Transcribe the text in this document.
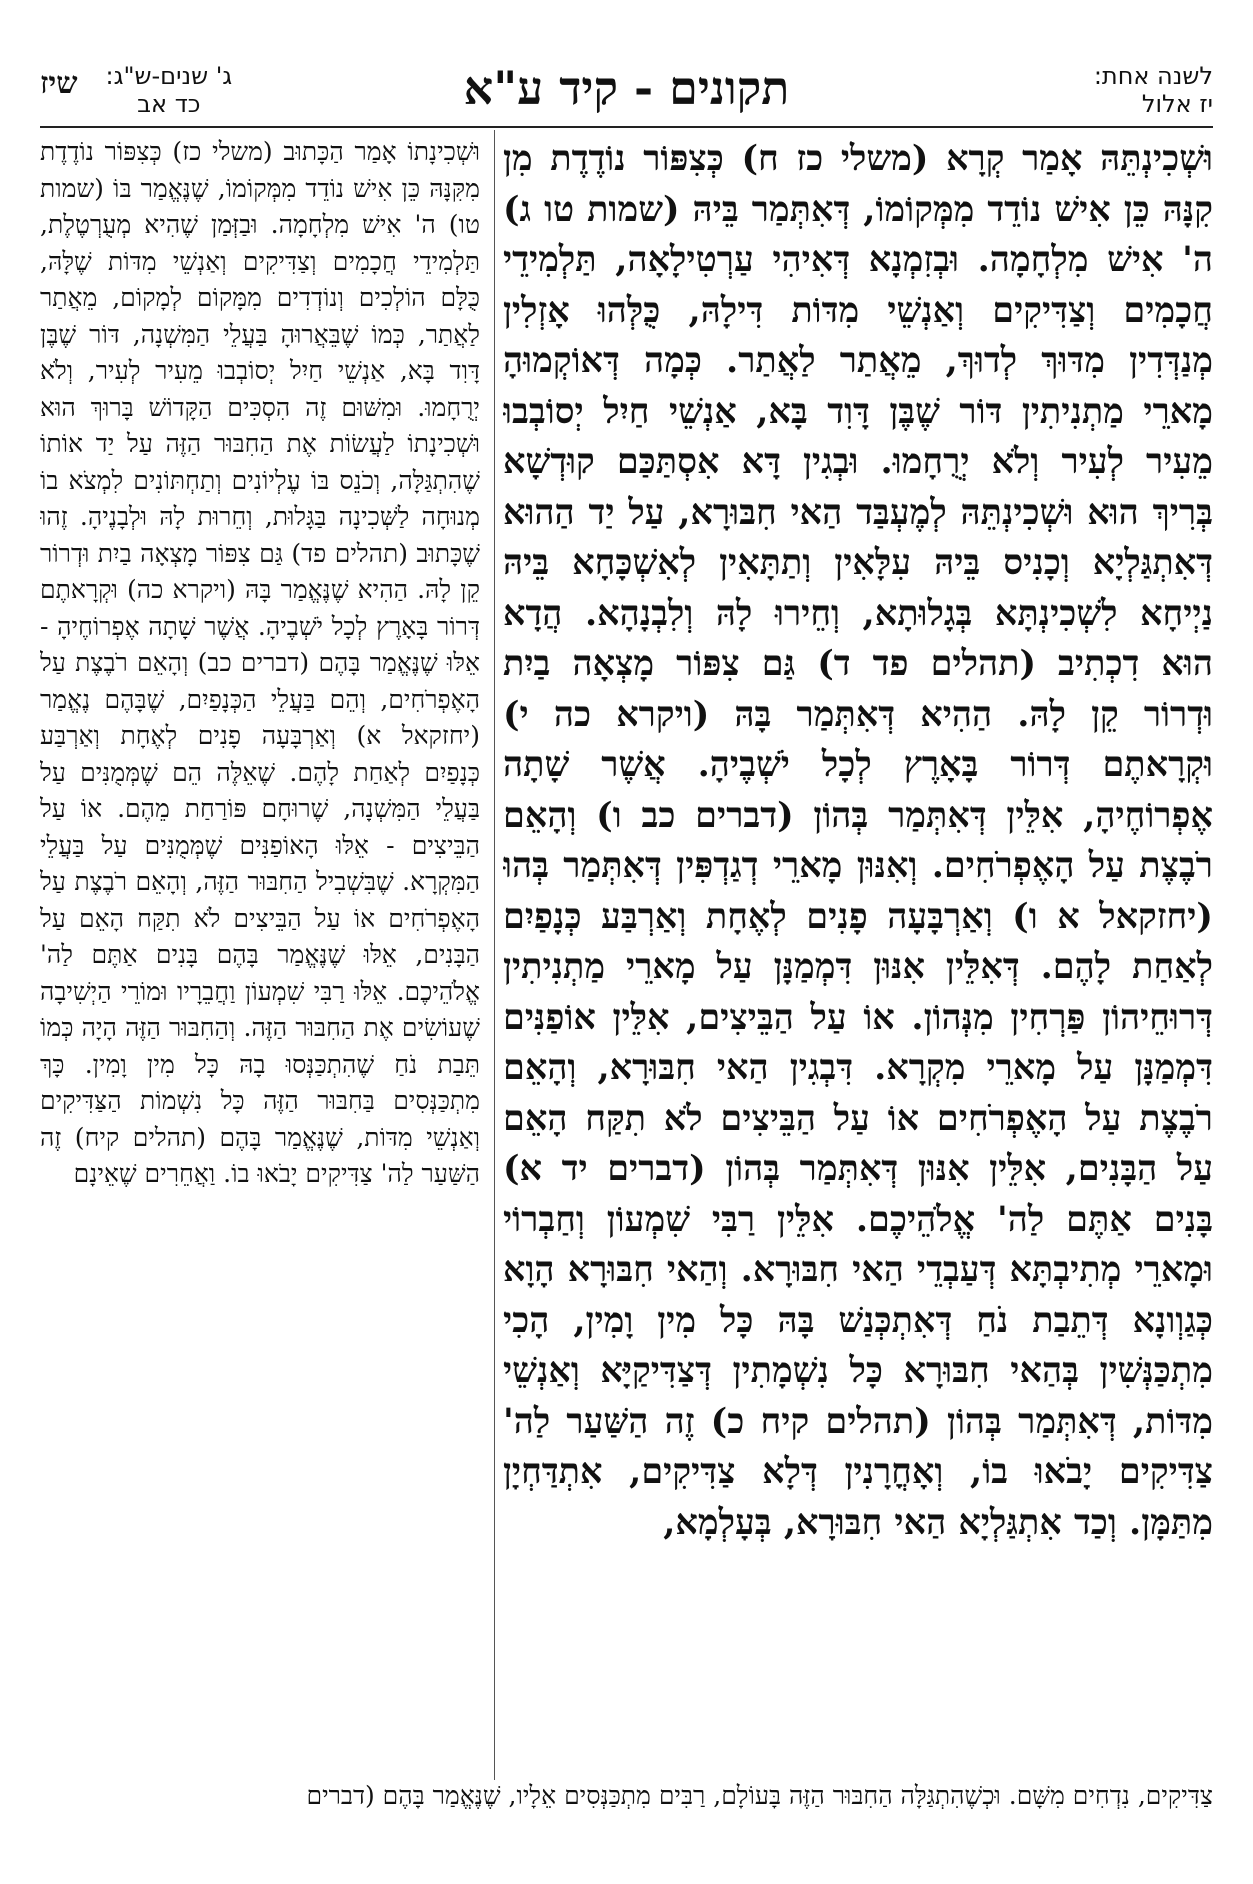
לשנה אחת:
יז אלול
תקונים - קיד ע"א
ג' שנים-ש"ג:
כד אב
שיז

וּשְׁכִינְתֵּהּ אָמַר קְרָא (משלי כז ח) כְּצִפּוֹר נוֹדֶדֶת מִן קִנָּהּ כֵּן אִישׁ נוֹדֵד מִמְּקוֹמוֹ, דְּאִתְּמַר בֵּיהּ (שמות טו ג) ה' אִישׁ מִלְחָמָה. וּבְזִמְנָא דְּאִיהִי עַרְטִילָאָה, תַּלְמִידֵי חֲכָמִים וְצַדִּיקִים וְאַנְשֵׁי מִדּוֹת דִּילָהּ, כֻּלְּהוּ אָזְלִין מְנַדְּדִין מִדּוּךְ לְדוּךְ, מֵאֲתַר לַאֲתַר. כְּמָה דְּאוֹקְמוּהָ מָארֵי מַתְנִיתִין דּוֹר שֶׁבֶּן דָּוִד בָּא, אַנְשֵׁי חַיִל יְסוֹבְבוּ מֵעִיר לְעִיר וְלֹא יְרֻחָמוּ. וּבְגִין דָּא אִסְתַּכַּם קוּדְשָׁא בְּרִיךְ הוּא וּשְׁכִינְתֵּהּ לְמֶעְבַּד הַאי חִבּוּרָא, עַל יַד הַהוּא דְּאִתְגַּלְיָא וְכָנִיס בֵּיהּ עִלָּאִין וְתַתָּאִין לְאִשְׁכָּחָא בֵּיהּ נַיְיחָא לִשְׁכִינְתָּא בְּגָלוּתָא, וְחֵירוּ לָהּ וְלִבְנָהָא. הֲדָא הוּא דִכְתִיב (תהלים פד ד) גַּם צִפּוֹר מָצְאָה בַיִת וּדְרוֹר קֵן לָהּ. הַהִיא דְּאִתְּמַר בָּהּ (ויקרא כה י) וּקְרָאתֶם דְּרוֹר בָּאָרֶץ לְכָל יֹשְׁבֶיהָ. אֲשֶׁר שָׁתָה אֶפְרוֹחֶיהָ, אִלֵּין דְּאִתְּמַר בְּהוֹן (דברים כב ו) וְהָאֵם רֹבֶצֶת עַל הָאֶפְרֹחִים. וְאִנּוּן מָארֵי דְגַדְפִּין דְּאִתְּמַר בְּהוּ (יחזקאל א ו) וְאַרְבָּעָה פָנִים לְאֶחָת וְאַרְבַּע כְּנָפַיִם לְאַחַת לָהֶם. דְּאִלֵּין אִנּוּן דִּמְמַנָּן עַל מָארֵי מַתְנִיתִין דְּרוּחֵיהוֹן פַּרְחִין מִנְּהוֹן. אוֹ עַל הַבֵּיצִים, אִלֵּין אוֹפַנִּים דִּמְמַנָּן עַל מָארֵי מִקְרָא. דִּבְגִין הַאי חִבּוּרָא, וְהָאֵם רֹבֶצֶת עַל הָאֶפְרֹחִים אוֹ עַל הַבֵּיצִים לֹא תִקַּח הָאֵם עַל הַבָּנִים, אִלֵּין אִנּוּן דְּאִתְּמַר בְּהוֹן (דברים יד א) בָּנִים אַתֶּם לַה' אֱלֹהֵיכֶם. אִלֵּין רַבִּי שִׁמְעוֹן וְחַבְרוֹי וּמָארֵי מְתִיבְתָּא דְּעַבְדֵי הַאי חִבּוּרָא. וְהַאי חִבּוּרָא הָוָא כְּגַוְונָא דְּתֵבַת נֹחַ דְּאִתְכְּנַשׁ בָּהּ כָּל מִין וָמִין, הָכִי מִתְכַּנְּשִׁין בְּהַאי חִבּוּרָא כָּל נִשְׁמָתִין דְּצַדִּיקַיָּא וְאַנְשֵׁי מִדּוֹת, דְּאִתְּמַר בְּהוֹן (תהלים קיח כ) זֶה הַשַּׁעַר לַה' צַדִּיקִים יָבֹאוּ בוֹ, וְאָחֳרָנִין דְּלָא צַדִּיקִים, אִתְדַּחְיָן מִתַּמָּן. וְכַד אִתְגַּלְיָא הַאי חִבּוּרָא, בְּעָלְמָא,

וּשְׁכִינָתוֹ אָמַר הַכָּתוּב (משלי כז) כְּצִפּוֹר נוֹדֶדֶת מִקִּנָּהּ כֵּן אִישׁ נוֹדֵד מִמְּקוֹמוֹ, שֶׁנֶּאֱמַר בּוֹ (שמות טו) ה' אִישׁ מִלְחָמָה. וּבַזְּמַן שֶׁהִיא מְעֻרְטֶלֶת, תַּלְמִידֵי חֲכָמִים וְצַדִּיקִים וְאַנְשֵׁי מִדּוֹת שֶׁלָּהּ, כֻּלָּם הוֹלְכִים וְנוֹדְדִים מִמָּקוֹם לְמָקוֹם, מֵאֲתַר לַאֲתַר, כְּמוֹ שֶׁבֵּאֲרוּהָ בַּעֲלֵי הַמִּשְׁנָה, דּוֹר שֶׁבֶּן דָּוִד בָּא, אַנְשֵׁי חַיִל יְסוֹבְבוּ מֵעִיר לְעִיר, וְלֹא יְרֻחָמוּ. וּמִשּׁוּם זֶה הִסְכִּים הַקָּדוֹשׁ בָּרוּךְ הוּא וּשְׁכִינָתוֹ לַעֲשׂוֹת אֶת הַחִבּוּר הַזֶּה עַל יַד אוֹתוֹ שֶׁהִתְגַּלָּה, וְכֹנֵס בּוֹ עֶלְיוֹנִים וְתַחְתּוֹנִים לִמְצֹא בוֹ מְנוּחָה לַשְּׁכִינָה בַּגָּלוּת, וְחֵרוּת לָהּ וּלְבָנֶיהָ. זֶהוּ שֶׁכָּתוּב (תהלים פד) גַּם צִפּוֹר מָצְאָה בַיִת וּדְרוֹר קֵן לָהּ. הַהִיא שֶׁנֶּאֱמַר בָּהּ (ויקרא כה) וּקְרָאתֶם דְּרוֹר בָּאָרֶץ לְכָל יֹשְׁבֶיהָ. אֲשֶׁר שָׁתָה אֶפְרוֹחֶיהָ - אֵלּוּ שֶׁנֶּאֱמַר בָּהֶם (דברים כב) וְהָאֵם רֹבֶצֶת עַל הָאֶפְרֹחִים, וְהֵם בַּעֲלֵי הַכְּנָפַיִם, שֶׁבָּהֶם נֶאֱמַר (יחזקאל א) וְאַרְבָּעָה פָנִים לְאֶחָת וְאַרְבַּע כְּנָפַיִם לְאַחַת לָהֶם. שֶׁאֵלֶּה הֵם שֶׁמְּמֻנִּים עַל בַּעֲלֵי הַמִּשְׁנָה, שֶׁרוּחָם פּוֹרַחַת מֵהֶם. אוֹ עַל הַבֵּיצִים - אֵלּוּ הָאוֹפַנִּים שֶׁמְּמֻנִּים עַל בַּעֲלֵי הַמִּקְרָא. שֶׁבִּשְׁבִיל הַחִבּוּר הַזֶּה, וְהָאֵם רֹבֶצֶת עַל הָאֶפְרֹחִים אוֹ עַל הַבֵּיצִים לֹא תִקַּח הָאֵם עַל הַבָּנִים, אֵלּוּ שֶׁנֶּאֱמַר בָּהֶם בָּנִים אַתֶּם לַה' אֱלֹהֵיכֶם. אֵלּוּ רַבִּי שִׁמְעוֹן וַחֲבֵרָיו וּמוֹרֵי הַיְשִׁיבָה שֶׁעוֹשִׂים אֶת הַחִבּוּר הַזֶּה. וְהַחִבּוּר הַזֶּה הָיָה כְּמוֹ תֵּבַת נֹחַ שֶׁהִתְכַּנְּסוּ בָהּ כָּל מִין וָמִין. כָּךְ מִתְכַּנְּסִים בַּחִבּוּר הַזֶּה כָּל נִשְׁמוֹת הַצַּדִּיקִים וְאַנְשֵׁי מִדּוֹת, שֶׁנֶּאֱמַר בָּהֶם (תהלים קיח) זֶה הַשַּׁעַר לַה' צַדִּיקִים יָבֹאוּ בוֹ. וַאֲחֵרִים שֶׁאֵינָם

צַדִּיקִים, נִדְחִים מִשָּׁם. וּכְשֶׁהִתְגַּלָּה הַחִבּוּר הַזֶּה בָּעוֹלָם, רַבִּים מִתְכַּנְּסִים אֵלָיו, שֶׁנֶּאֱמַר בָּהֶם (דברים
